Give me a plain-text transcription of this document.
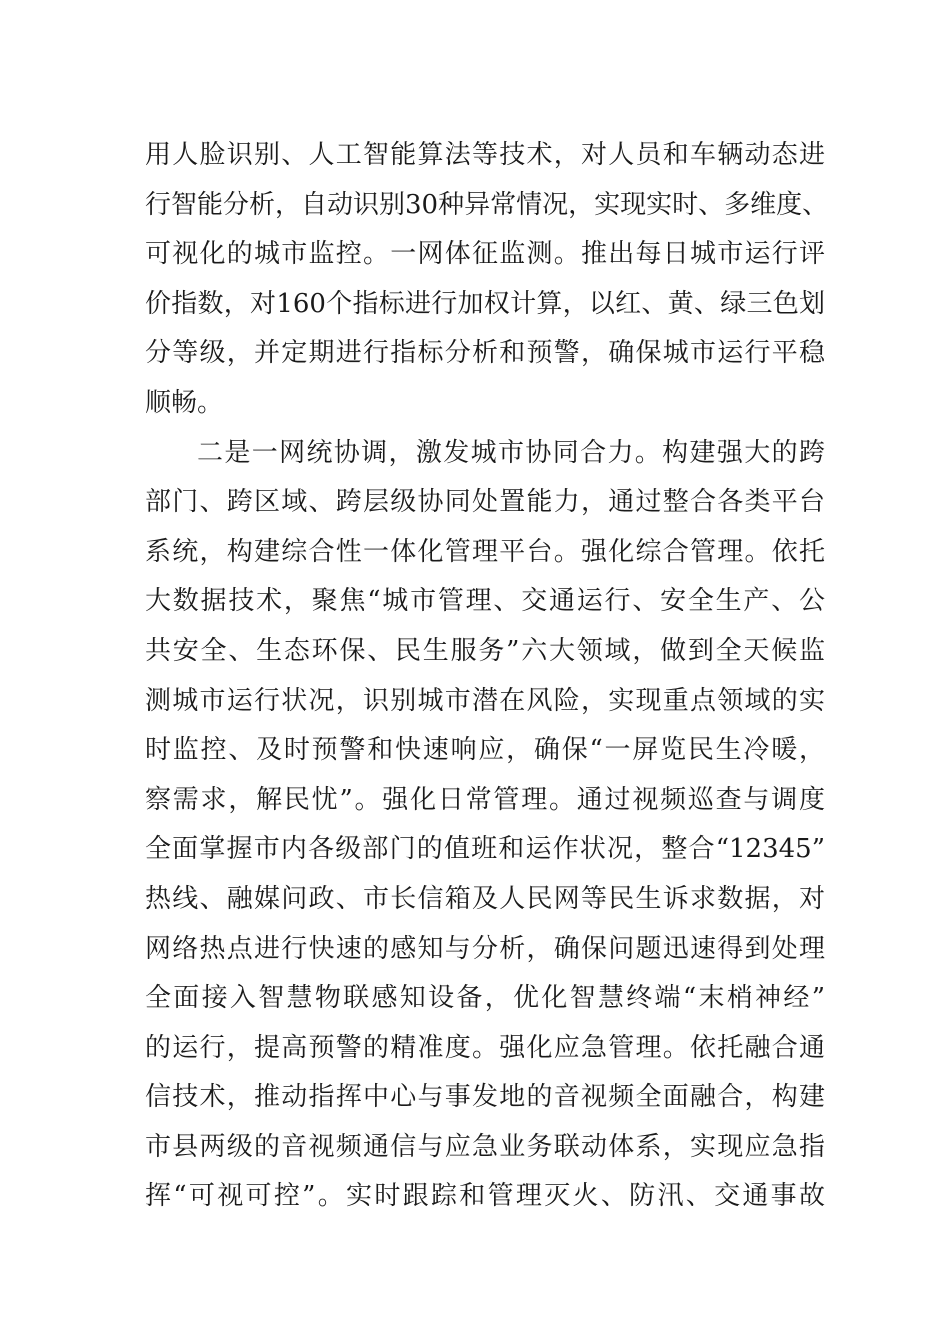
用人脸识别、人工智能算法等技术，对人员和车辆动态进
行智能分析，自动识别30种异常情况，实现实时、多维度、
可视化的城市监控。一网体征监测。推出每日城市运行评
价指数，对160个指标进行加权计算，以红、黄、绿三色划
分等级，并定期进行指标分析和预警，确保城市运行平稳
顺畅。
二是一网统协调，激发城市协同合力。构建强大的跨
部门、跨区域、跨层级协同处置能力，通过整合各类平台
系统，构建综合性一体化管理平台。强化综合管理。依托
大数据技术，聚焦“城市管理、交通运行、安全生产、公
共安全、生态环保、民生服务”六大领域，做到全天候监
测城市运行状况，识别城市潜在风险，实现重点领域的实
时监控、及时预警和快速响应，确保“一屏览民生冷暖，
察需求，解民忧”。强化日常管理。通过视频巡查与调度
全面掌握市内各级部门的值班和运作状况，整合“12345”
热线、融媒问政、市长信箱及人民网等民生诉求数据，对
网络热点进行快速的感知与分析，确保问题迅速得到处理
全面接入智慧物联感知设备，优化智慧终端“末梢神经”
的运行，提高预警的精准度。强化应急管理。依托融合通
信技术，推动指挥中心与事发地的音视频全面融合，构建
市县两级的音视频通信与应急业务联动体系，实现应急指
挥“可视可控”。实时跟踪和管理灭火、防汛、交通事故
